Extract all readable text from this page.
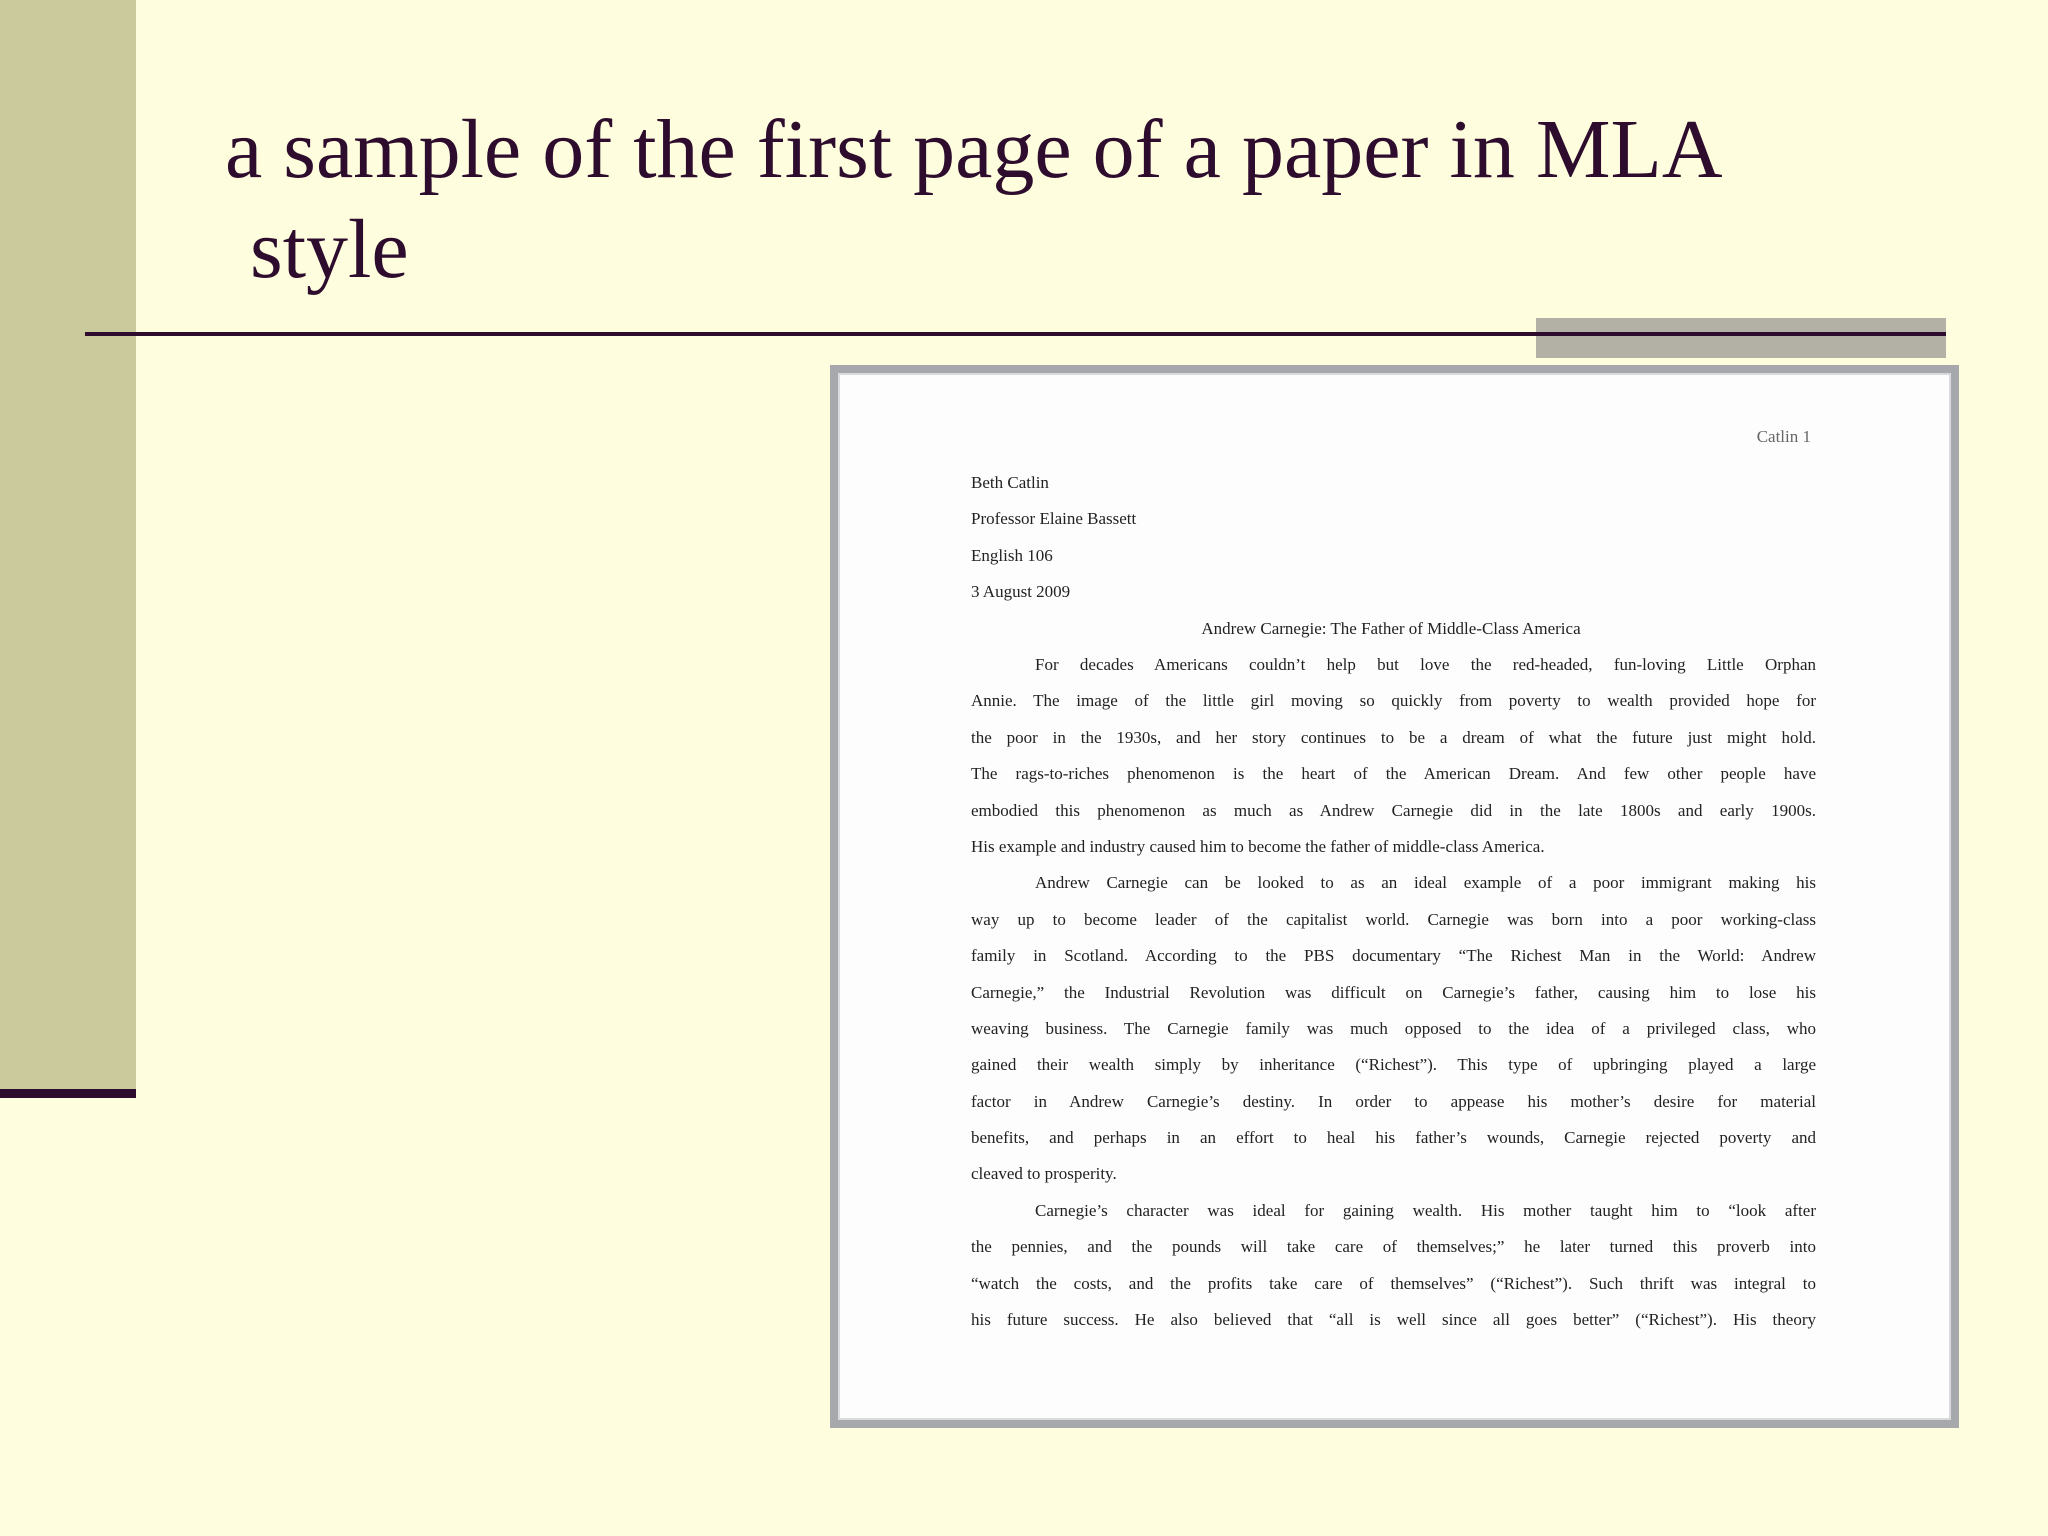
a sample of the first page of a paper in MLA
style
Catlin 1
Beth Catlin
Professor Elaine Bassett
English 106
3 August 2009
Andrew Carnegie: The Father of Middle-Class America
For decades Americans couldn’t help but love the red-headed, fun-loving Little Orphan
Annie. The image of the little girl moving so quickly from poverty to wealth provided hope for
the poor in the 1930s, and her story continues to be a dream of what the future just might hold.
The rags-to-riches phenomenon is the heart of the American Dream. And few other people have
embodied this phenomenon as much as Andrew Carnegie did in the late 1800s and early 1900s.
His example and industry caused him to become the father of middle-class America.
Andrew Carnegie can be looked to as an ideal example of a poor immigrant making his
way up to become leader of the capitalist world. Carnegie was born into a poor working-class
family in Scotland. According to the PBS documentary “The Richest Man in the World: Andrew
Carnegie,” the Industrial Revolution was difficult on Carnegie’s father, causing him to lose his
weaving business. The Carnegie family was much opposed to the idea of a privileged class, who
gained their wealth simply by inheritance (“Richest”). This type of upbringing played a large
factor in Andrew Carnegie’s destiny. In order to appease his mother’s desire for material
benefits, and perhaps in an effort to heal his father’s wounds, Carnegie rejected poverty and
cleaved to prosperity.
Carnegie’s character was ideal for gaining wealth. His mother taught him to “look after
the pennies, and the pounds will take care of themselves;” he later turned this proverb into
“watch the costs, and the profits take care of themselves” (“Richest”). Such thrift was integral to
his future success. He also believed that “all is well since all goes better” (“Richest”). His theory
